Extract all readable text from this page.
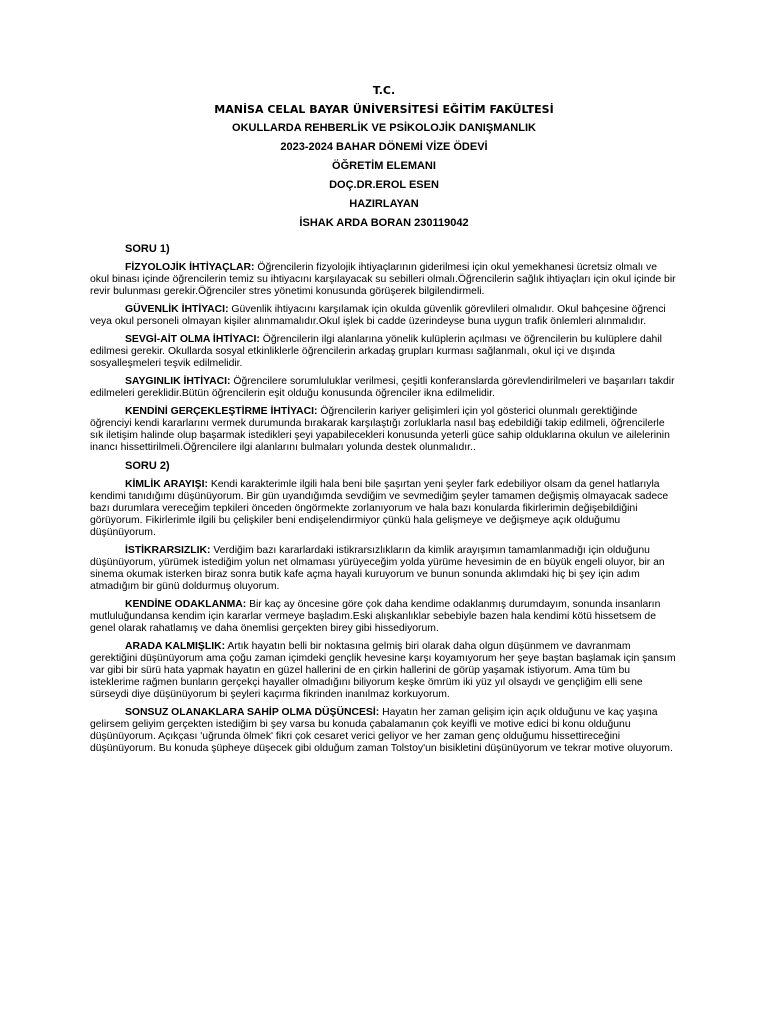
T.C.
MANİSA CELAL BAYAR ÜNİVERSİTESİ EĞİTİM FAKÜLTESİ
OKULLARDA REHBERLİK VE PSİKOLOJİK DANIŞMANLIK
2023-2024 BAHAR DÖNEMİ VİZE ÖDEVİ
ÖĞRETİM ELEMANI
DOÇ.DR.EROL ESEN
HAZIRLAYAN
İSHAK ARDA BORAN 230119042
SORU 1)

FİZYOLOJİK İHTİYAÇLAR: Öğrencilerin fizyolojik ihtiyaçlarının giderilmesi için okul yemekhanesi ücretsiz olmalı ve okul binası içinde öğrencilerin temiz su ihtiyacını karşılayacak su sebilleri olmalı.Öğrencilerin sağlık ihtiyaçları için okul içinde bir revir bulunması gerekir.Öğrenciler stres yönetimi konusunda görüşerek bilgilendirmeli.

GÜVENLİK İHTİYACI: Güvenlik ihtiyacını karşılamak için okulda güvenlik görevlileri olmalıdır. Okul bahçesine öğrenci veya okul personeli olmayan kişiler alınmamalıdır.Okul işlek bi cadde üzerindeyse buna uygun trafik önlemleri alınmalıdır.

SEVGİ-AİT OLMA İHTİYACI: Öğrencilerin ilgi alanlarına yönelik kulüplerin açılması ve öğrencilerin bu kulüplere dahil edilmesi gerekir. Okullarda sosyal etkinliklerle öğrencilerin arkadaş grupları kurması sağlanmalı, okul içi ve dışında sosyalleşmeleri teşvik edilmelidir.

SAYGINLIK İHTİYACI: Öğrencilere sorumluluklar verilmesi, çeşitli konferanslarda görevlendirilmeleri ve başarıları takdir edilmeleri gereklidir.Bütün öğrencilerin eşit olduğu konusunda öğrenciler ikna edilmelidir.

KENDİNİ GERÇEKLEŞTİRME İHTİYACI: Öğrencilerin kariyer gelişimleri için yol gösterici olunmalı gerektiğinde öğrenciyi kendi kararlarını vermek durumunda bırakarak karşılaştığı zorluklarla nasıl baş edebildiği takip edilmeli, öğrencilerle sık iletişim halinde olup başarmak istedikleri şeyi yapabilecekleri konusunda yeterli güce sahip olduklarına okulun ve ailelerinin inancı hissettirilmeli.Öğrencilere ilgi alanlarını bulmaları yolunda destek olunmalıdır..

SORU 2)

KİMLİK ARAYIŞI: Kendi karakterimle ilgili hala beni bile şaşırtan yeni şeyler fark edebiliyor olsam da genel hatlarıyla kendimi tanıdığımı düşünüyorum. Bir gün uyandığımda sevdiğim ve sevmediğim şeyler tamamen değişmiş olmayacak sadece bazı durumlara vereceğim tepkileri önceden öngörmekte zorlanıyorum ve hala bazı konularda fikirlerimin değişebildiğini görüyorum. Fikirlerimle ilgili bu çelişkiler beni endişelendirmiyor çünkü hala gelişmeye ve değişmeye açık olduğumu düşünüyorum.

İSTİKRARSIZLIK: Verdiğim bazı kararlardaki istikrarsızlıkların da kimlik arayışımın tamamlanmadığı için olduğunu düşünüyorum, yürümek istediğim yolun net olmaması yürüyeceğim yolda yürüme hevesimin de en büyük engeli oluyor, bir an sinema okumak isterken biraz sonra butik kafe açma hayali kuruyorum ve bunun sonunda aklımdaki hiç bi şey için adım atmadığım bir günü doldurmuş oluyorum.

KENDİNE ODAKLANMA: Bir kaç ay öncesine göre çok daha kendime odaklanmış durumdayım, sonunda insanların mutluluğundansa kendim için kararlar vermeye başladım.Eski alışkanlıklar sebebiyle bazen hala kendimi kötü hissetsem de genel olarak rahatlamış ve daha önemlisi gerçekten birey gibi hissediyorum.

ARADA KALMIŞLIK: Artık hayatın belli bir noktasına gelmiş biri olarak daha olgun düşünmem ve davranmam gerektiğini düşünüyorum ama çoğu zaman içimdeki gençlik hevesine karşı koyamıyorum her şeye baştan başlamak için şansım var gibi bir sürü hata yapmak hayatın en güzel hallerini de en çirkin hallerini de görüp yaşamak istiyorum. Ama tüm bu isteklerime rağmen bunların gerçekçi hayaller olmadığını biliyorum keşke ömrüm iki yüz yıl olsaydı ve gençliğim elli sene sürseydi diye düşünüyorum bi şeyleri kaçırma fikrinden inanılmaz korkuyorum.

SONSUZ OLANAKLARA SAHİP OLMA DÜŞÜNCESİ: Hayatın her zaman gelişim için açık olduğunu ve kaç yaşına gelirsem geliyim gerçekten istediğim bi şey varsa bu konuda çabalamanın çok keyifli ve motive edici bi konu olduğunu düşünüyorum. Açıkçası 'uğrunda ölmek' fikri çok cesaret verici geliyor ve her zaman genç olduğumu hissettireceğini düşünüyorum. Bu konuda şüpheye düşecek gibi olduğum zaman Tolstoy'un bisikletini düşünüyorum ve tekrar motive oluyorum.
